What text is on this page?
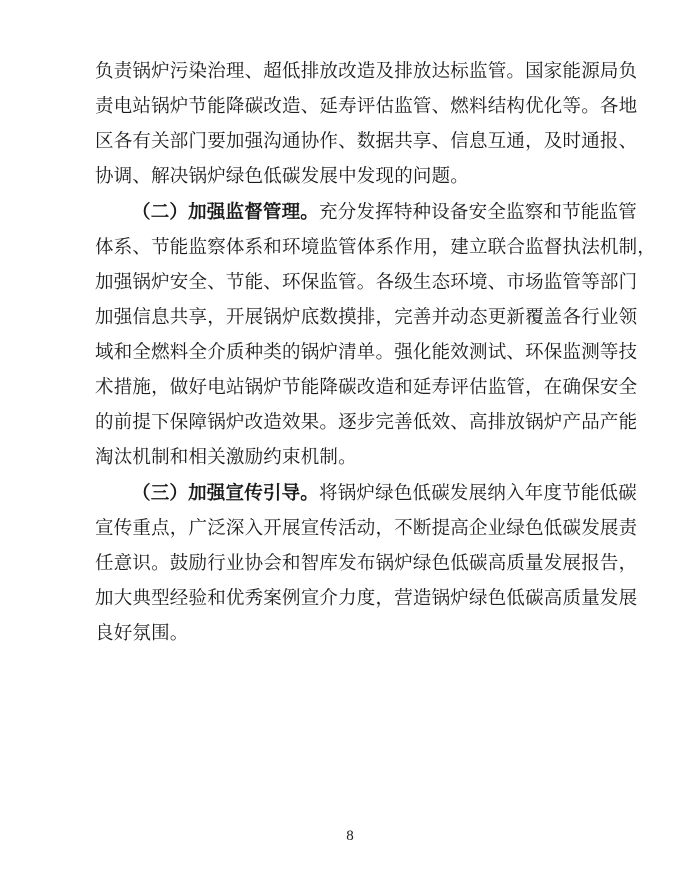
负责锅炉污染治理、超低排放改造及排放达标监管。国家能源局负
责电站锅炉节能降碳改造、延寿评估监管、燃料结构优化等。各地
区各有关部门要加强沟通协作、数据共享、信息互通，及时通报、
协调、解决锅炉绿色低碳发展中发现的问题。
（二）加强监督管理。充分发挥特种设备安全监察和节能监管
体系、节能监察体系和环境监管体系作用，建立联合监督执法机制，
加强锅炉安全、节能、环保监管。各级生态环境、市场监管等部门
加强信息共享，开展锅炉底数摸排，完善并动态更新覆盖各行业领
域和全燃料全介质种类的锅炉清单。强化能效测试、环保监测等技
术措施，做好电站锅炉节能降碳改造和延寿评估监管，在确保安全
的前提下保障锅炉改造效果。逐步完善低效、高排放锅炉产品产能
淘汰机制和相关激励约束机制。
（三）加强宣传引导。将锅炉绿色低碳发展纳入年度节能低碳
宣传重点，广泛深入开展宣传活动，不断提高企业绿色低碳发展责
任意识。鼓励行业协会和智库发布锅炉绿色低碳高质量发展报告，
加大典型经验和优秀案例宣介力度，营造锅炉绿色低碳高质量发展
良好氛围。
8
